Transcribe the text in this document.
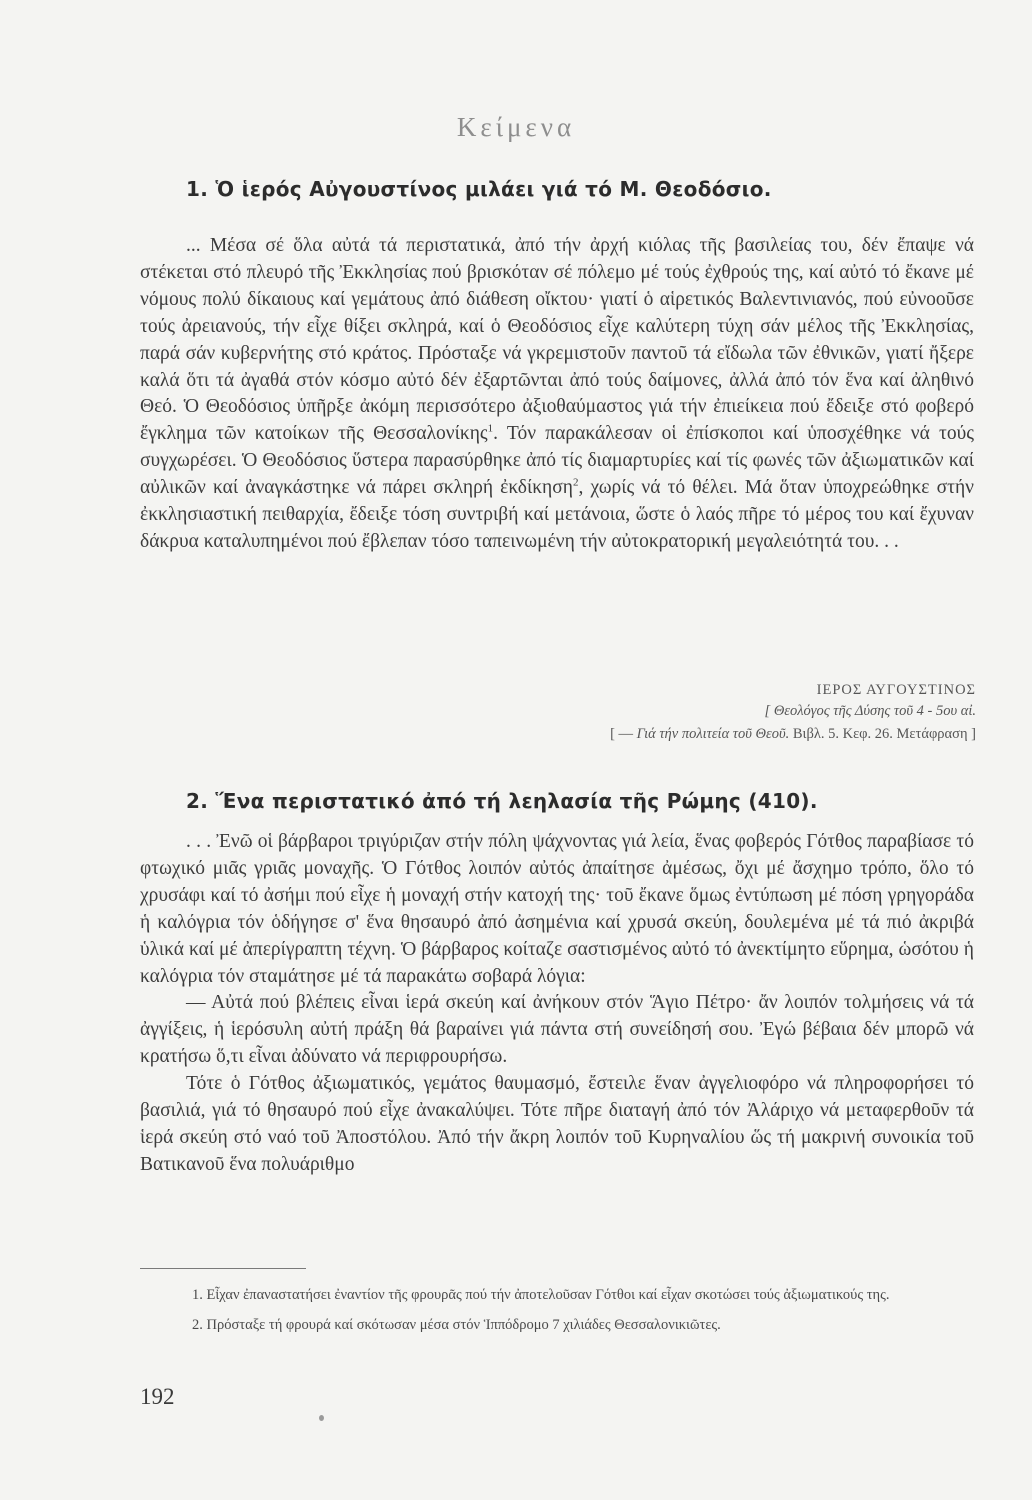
Κείμενα
1. Ὁ ἱερός Αὐγουστίνος μιλάει γιά τό Μ. Θεοδόσιο.

... Μέσα σέ ὅλα αὐτά τά περιστατικά, ἀπό τήν ἀρχή κιόλας τῆς βασιλείας του, δέν ἔπαψε νά στέκεται στό πλευρό τῆς Ἐκκλησίας πού βρισκόταν σέ πόλεμο μέ τούς ἐχθρούς της, καί αὐτό τό ἔκανε μέ νόμους πολύ δίκαιους καί γεμάτους ἀπό διάθεση οἴκτου· γιατί ὁ αἱρετικός Βαλεντινιανός, πού εὐνοοῦσε τούς ἀρειανούς, τήν εἶχε θίξει σκληρά, καί ὁ Θεοδόσιος εἶχε καλύτερη τύχη σάν μέλος τῆς Ἐκκλησίας, παρά σάν κυβερνήτης στό κράτος. Πρόσταξε νά γκρεμιστοῦν παντοῦ τά εἴδωλα τῶν ἐθνικῶν, γιατί ἤξερε καλά ὅτι τά ἀγαθά στόν κόσμο αὐτό δέν ἐξαρτῶνται ἀπό τούς δαίμονες, ἀλλά ἀπό τόν ἕνα καί ἀληθινό Θεό. Ὁ Θεοδόσιος ὑπῆρξε ἀκόμη περισσότερο ἀξιοθαύμαστος γιά τήν ἐπιείκεια πού ἔδειξε στό φοβερό ἔγκλημα τῶν κατοίκων τῆς Θεσσαλονίκης$^1$. Τόν παρακάλεσαν οἱ ἐπίσκοποι καί ὑποσχέθηκε νά τούς συγχωρέσει. Ὁ Θεοδόσιος ὕστερα παρασύρθηκε ἀπό τίς διαμαρτυρίες καί τίς φωνές τῶν ἀξιωματικῶν καί αὐλικῶν καί ἀναγκάστηκε νά πάρει σκληρή ἐκδίκηση$^2$, χωρίς νά τό θέλει. Μά ὅταν ὑποχρεώθηκε στήν ἐκκλησιαστική πειθαρχία, ἔδειξε τόση συντριβή καί μετάνοια, ὥστε ὁ λαός πῆρε τό μέρος του καί ἔχυναν δάκρυα καταλυπημένοι πού ἔβλεπαν τόσο ταπεινωμένη τήν αὐτοκρατορική μεγαλειότητά του. . .

ΙΕΡΟΣ ΑΥΓΟΥΣΤΙΝΟΣ
[ Θεολόγος τῆς Δύσης τοῦ 4 - 5ου αἰ.
[ — Γιά τήν πολιτεία τοῦ Θεοῦ. Βιβλ. 5. Κεφ. 26. Μετάφραση ]
2. Ἕνα περιστατικό ἀπό τή λεηλασία τῆς Ρώμης (410).

. . . Ἐνῶ οἱ βάρβαροι τριγύριζαν στήν πόλη ψάχνοντας γιά λεία, ἕνας φοβερός Γότθος παραβίασε τό φτωχικό μιᾶς γριᾶς μοναχῆς. Ὁ Γότθος λοιπόν αὐτός ἀπαίτησε ἀμέσως, ὄχι μέ ἄσχημο τρόπο, ὅλο τό χρυσάφι καί τό ἀσήμι πού εἶχε ἡ μοναχή στήν κατοχή της· τοῦ ἔκανε ὅμως ἐντύπωση μέ πόση γρηγοράδα ἡ καλόγρια τόν ὁδήγησε σ' ἕνα θησαυρό ἀπό ἀσημένια καί χρυσά σκεύη, δουλεμένα μέ τά πιό ἀκριβά ὑλικά καί μέ ἀπερίγραπτη τέχνη. Ὁ βάρβαρος κοίταζε σαστισμένος αὐτό τό ἀνεκτίμητο εὕρημα, ὡσότου ἡ καλόγρια τόν σταμάτησε μέ τά παρακάτω σοβαρά λόγια:

— Αὐτά πού βλέπεις εἶναι ἱερά σκεύη καί ἀνήκουν στόν Ἅγιο Πέτρο· ἄν λοιπόν τολμήσεις νά τά ἀγγίξεις, ἡ ἱερόσυλη αὐτή πράξη θά βαραίνει γιά πάντα στή συνείδησή σου. Ἐγώ βέβαια δέν μπορῶ νά κρατήσω ὅ,τι εἶναι ἀδύνατο νά περιφρουρήσω.

Τότε ὁ Γότθος ἀξιωματικός, γεμάτος θαυμασμό, ἔστειλε ἕναν ἀγγελιοφόρο νά πληροφορήσει τό βασιλιά, γιά τό θησαυρό πού εἶχε ἀνακαλύψει. Τότε πῆρε διαταγή ἀπό τόν Ἀλάριχο νά μεταφερθοῦν τά ἱερά σκεύη στό ναό τοῦ Ἀποστόλου. Ἀπό τήν ἄκρη λοιπόν τοῦ Κυρηναλίου ὥς τή μακρινή συνοικία τοῦ Βατικανοῦ ἕνα πολυάριθμο

1. Εἶχαν ἐπαναστατήσει ἐναντίον τῆς φρουρᾶς πού τήν ἀποτελοῦσαν Γότθοι καί εἶχαν σκοτώσει τούς ἀξιωματικούς της.

2. Πρόσταξε τή φρουρά καί σκότωσαν μέσα στόν Ἱππόδρομο 7 χιλιάδες Θεσσαλονικιῶτες.

192
